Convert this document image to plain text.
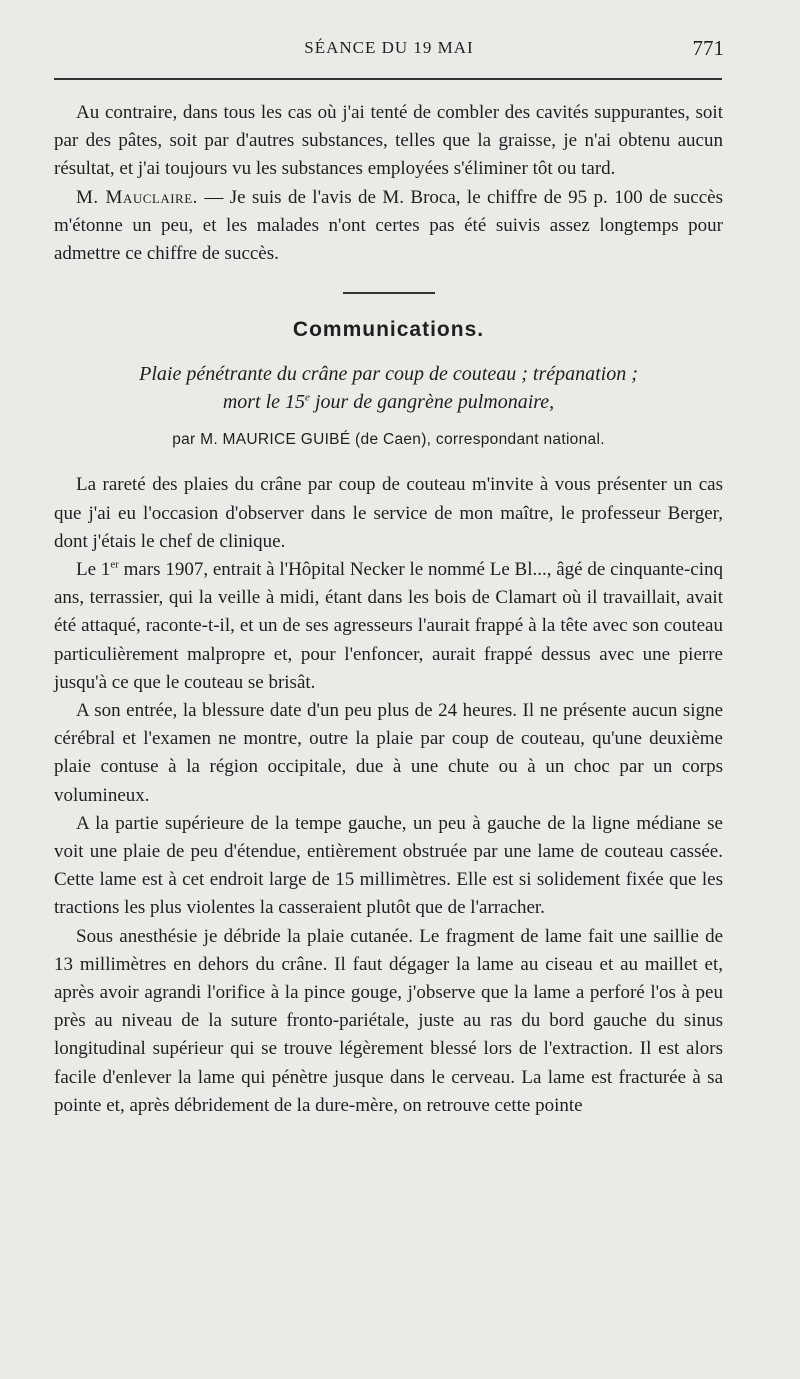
SÉANCE DU 19 MAI	771

Au contraire, dans tous les cas où j'ai tenté de combler des cavités suppurantes, soit par des pâtes, soit par d'autres substances, telles que la graisse, je n'ai obtenu aucun résultat, et j'ai toujours vu les substances employées s'éliminer tôt ou tard.

M. Mauclaire. — Je suis de l'avis de M. Broca, le chiffre de 95 p. 100 de succès m'étonne un peu, et les malades n'ont certes pas été suivis assez longtemps pour admettre ce chiffre de succès.

Communications.
Plaie pénétrante du crâne par coup de couteau ; trépanation ;
mort le 15e jour de gangrène pulmonaire,
par M. MAURICE GUIBÉ (de Caen), correspondant national.

La rareté des plaies du crâne par coup de couteau m'invite à vous présenter un cas que j'ai eu l'occasion d'observer dans le service de mon maître, le professeur Berger, dont j'étais le chef de clinique.

Le 1er mars 1907, entrait à l'Hôpital Necker le nommé Le Bl..., âgé de cinquante-cinq ans, terrassier, qui la veille à midi, étant dans les bois de Clamart où il travaillait, avait été attaqué, raconte-t-il, et un de ses agresseurs l'aurait frappé à la tête avec son couteau particulièrement malpropre et, pour l'enfoncer, aurait frappé dessus avec une pierre jusqu'à ce que le couteau se brisât.

A son entrée, la blessure date d'un peu plus de 24 heures. Il ne présente aucun signe cérébral et l'examen ne montre, outre la plaie par coup de couteau, qu'une deuxième plaie contuse à la région occipitale, due à une chute ou à un choc par un corps volumineux.

A la partie supérieure de la tempe gauche, un peu à gauche de la ligne médiane se voit une plaie de peu d'étendue, entièrement obstruée par une lame de couteau cassée. Cette lame est à cet endroit large de 15 millimètres. Elle est si solidement fixée que les tractions les plus violentes la casseraient plutôt que de l'arracher.

Sous anesthésie je débride la plaie cutanée. Le fragment de lame fait une saillie de 13 millimètres en dehors du crâne. Il faut dégager la lame au ciseau et au maillet et, après avoir agrandi l'orifice à la pince gouge, j'observe que la lame a perforé l'os à peu près au niveau de la suture fronto-pariétale, juste au ras du bord gauche du sinus longitudinal supérieur qui se trouve légèrement blessé lors de l'extraction. Il est alors facile d'enlever la lame qui pénètre jusque dans le cerveau. La lame est fracturée à sa pointe et, après débridement de la dure-mère, on retrouve cette pointe
